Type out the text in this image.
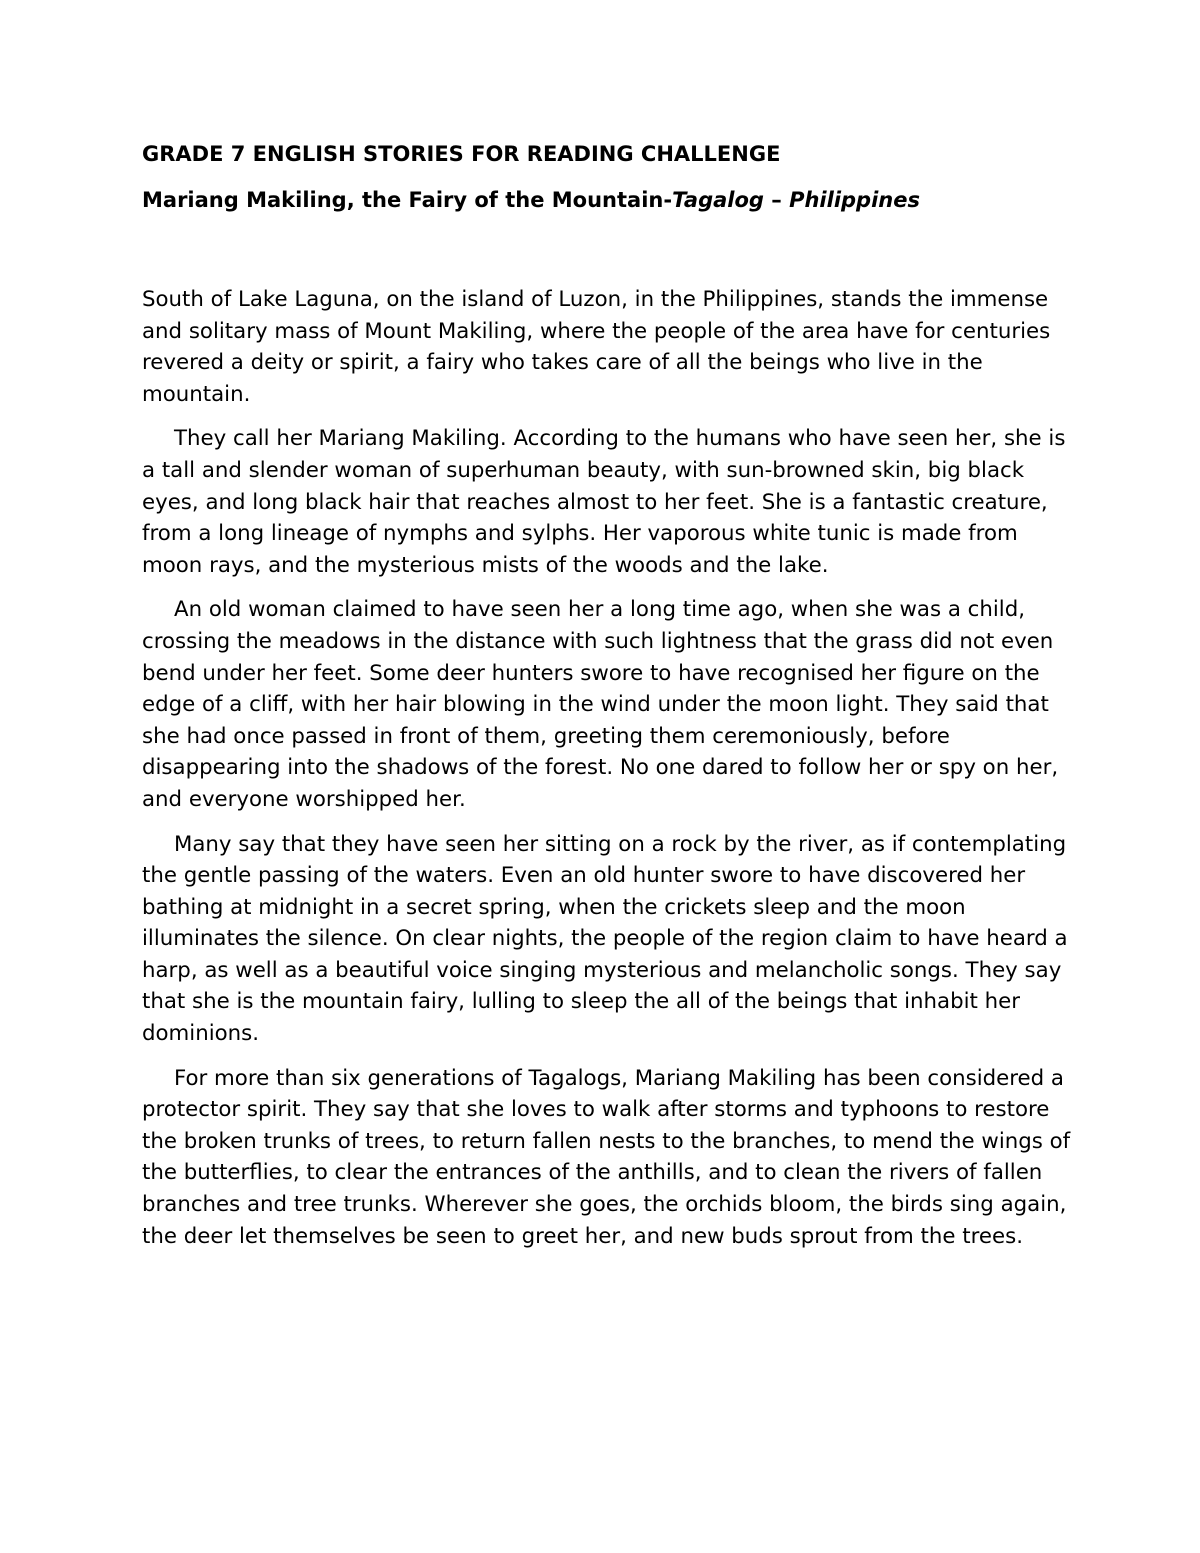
GRADE 7 ENGLISH STORIES FOR READING CHALLENGE

Mariang Makiling, the Fairy of the Mountain-Tagalog – Philippines

South of Lake Laguna, on the island of Luzon, in the Philippines, stands the immense and solitary mass of Mount Makiling, where the people of the area have for centuries revered a deity or spirit, a fairy who takes care of all the beings who live in the mountain.

They call her Mariang Makiling. According to the humans who have seen her, she is a tall and slender woman of superhuman beauty, with sun-browned skin, big black eyes, and long black hair that reaches almost to her feet. She is a fantastic creature, from a long lineage of nymphs and sylphs. Her vaporous white tunic is made from moon rays, and the mysterious mists of the woods and the lake.

An old woman claimed to have seen her a long time ago, when she was a child, crossing the meadows in the distance with such lightness that the grass did not even bend under her feet. Some deer hunters swore to have recognised her figure on the edge of a cliff, with her hair blowing in the wind under the moon light. They said that she had once passed in front of them, greeting them ceremoniously, before disappearing into the shadows of the forest. No one dared to follow her or spy on her, and everyone worshipped her.

Many say that they have seen her sitting on a rock by the river, as if contemplating the gentle passing of the waters. Even an old hunter swore to have discovered her bathing at midnight in a secret spring, when the crickets sleep and the moon illuminates the silence. On clear nights, the people of the region claim to have heard a harp, as well as a beautiful voice singing mysterious and melancholic songs. They say that she is the mountain fairy, lulling to sleep the all of the beings that inhabit her dominions.

For more than six generations of Tagalogs, Mariang Makiling has been considered a protector spirit. They say that she loves to walk after storms and typhoons to restore the broken trunks of trees, to return fallen nests to the branches, to mend the wings of the butterflies, to clear the entrances of the anthills, and to clean the rivers of fallen branches and tree trunks. Wherever she goes, the orchids bloom, the birds sing again, the deer let themselves be seen to greet her, and new buds sprout from the trees.
